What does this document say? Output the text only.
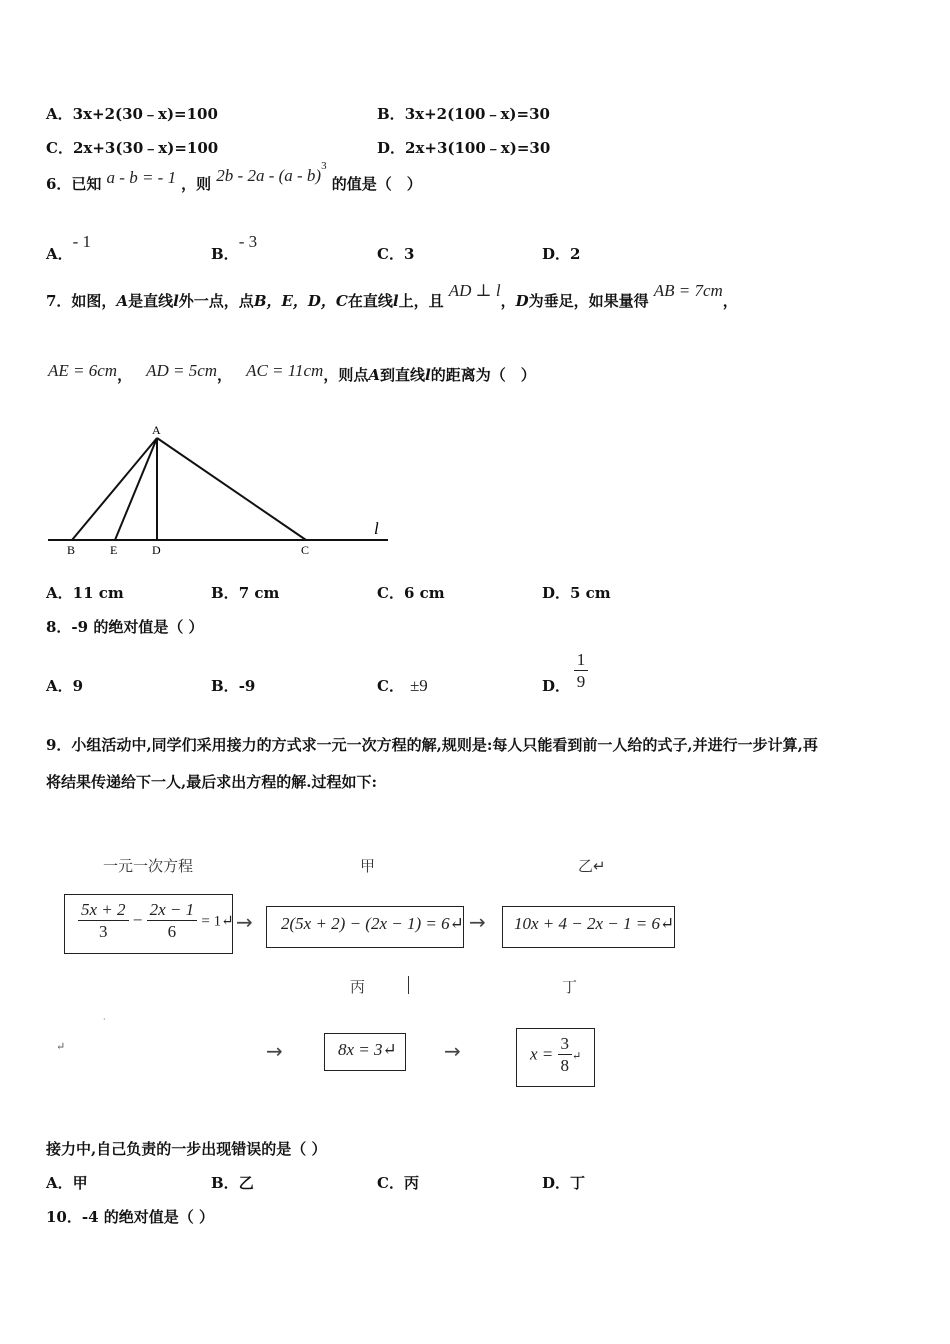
A．3x+2(30﹣x)=100	B．3x+2(100﹣x)=30
C．2x+3(30﹣x)=100	D．2x+3(100﹣x)=30
6．已知 a - b = - 1 ，则 2b - 2a - (a - b)$^3$ 的值是（　）
A．- 1
B．- 3
C．3	D．2
7．如图，A是直线l外一点，点B，E，D，C在直线l上，且 AD ⊥ l，D为垂足，如果量得 AB = 7cm，
AE = 6cm， AD = 5cm， AC = 11cm，则点A到直线l的距离为（　）
A
B	E	D	C
l
A．11 cm	B．7 cm	C．6 cm	D．5 cm
8．-9 的绝对值是（ ）
A．9	B．-9	C． ±9	D． $\frac{1}{9}$
9．小组活动中,同学们采用接力的方式求一元一次方程的解,规则是:每人只能看到前一人给的式子,并进行一步计算,再
将结果传递给下一人,最后求出方程的解.过程如下:
一元一次方程	甲	乙↵
丙	丁
$\frac{5x + 2}{3} - \frac{2x - 1}{6}$ = 1↵ → 2(5x + 2) − (2x − 1) = 6↵ → 10x + 4 − 2x − 1 = 6↵
·
↵	→	8x = 3↵ →	$x = \frac{3}{8}$ ↵
接力中,自己负责的一步出现错误的是（ ）
A．甲	B．乙	C．丙	D．丁
10．-4 的绝对值是（ ）
